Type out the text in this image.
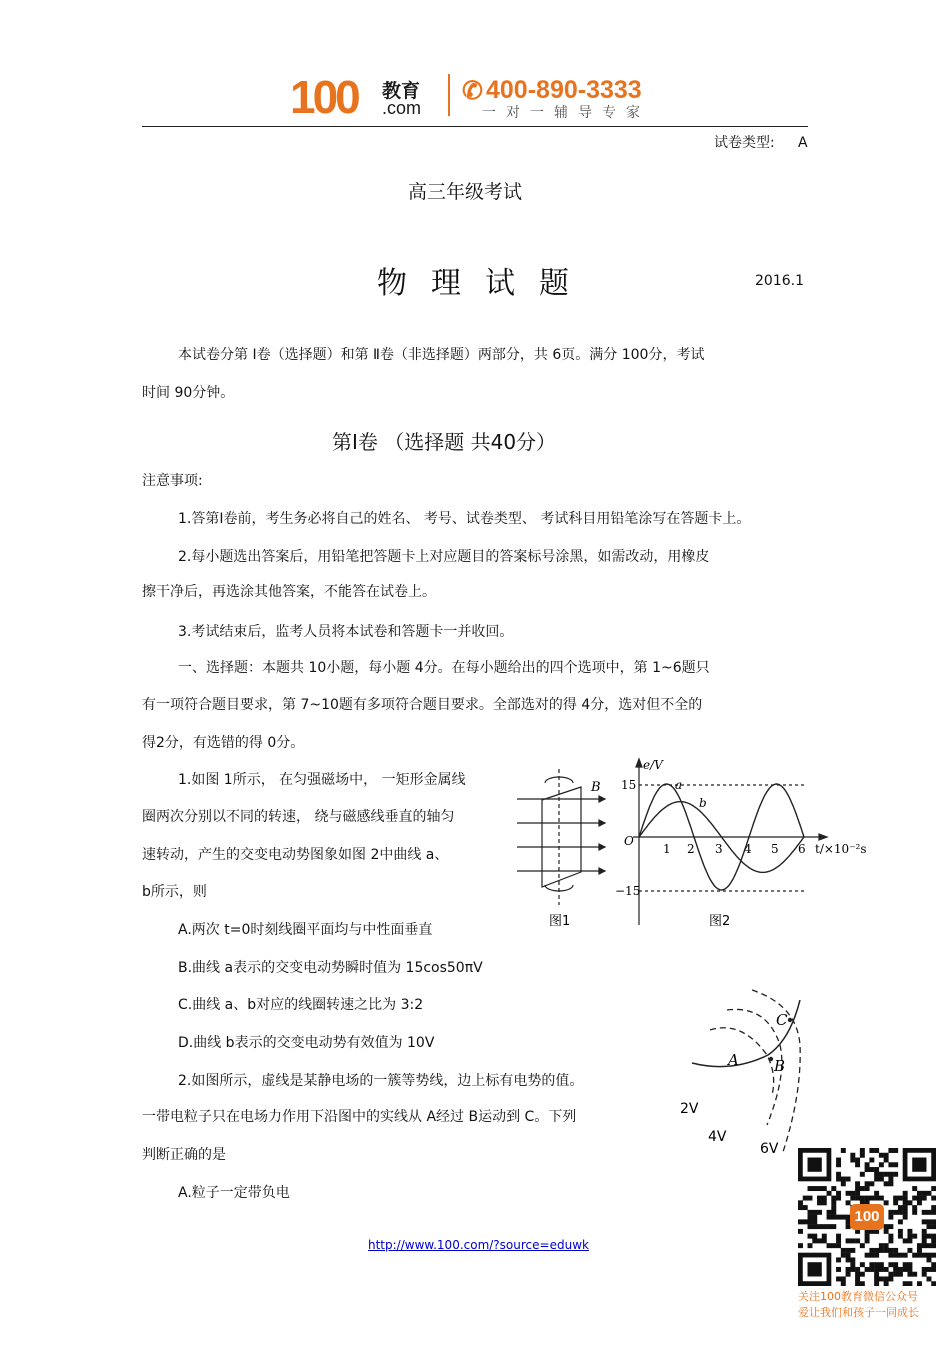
100 教育
.com
✆ 400-890-3333
一对一辅导专家
试卷类型: A
高三年级考试
物理试题	2016.1
本试卷分第 Ⅰ卷（选择题）和第 Ⅱ卷（非选择题）两部分，共 6页。满分 100分，考试
时间 90分钟。
第Ⅰ卷 （选择题 共40分）
注意事项:
1.答第Ⅰ卷前，考生务必将自己的姓名、 考号、试卷类型、 考试科目用铅笔涂写在答题卡上。
2.每小题选出答案后，用铅笔把答题卡上对应题目的答案标号涂黑，如需改动，用橡皮
擦干净后，再选涂其他答案，不能答在试卷上。
3.考试结束后，监考人员将本试卷和答题卡一并收回。
一、选择题：本题共 10小题，每小题 4分。在每小题给出的四个选项中，第 1~6题只
有一项符合题目要求，第 7~10题有多项符合题目要求。全部选对的得 4分，选对但不全的
得2分，有选错的得 0分。
1.如图 1所示， 在匀强磁场中， 一矩形金属线
圈两次分别以不同的转速， 绕与磁感线垂直的轴匀
速转动，产生的交变电动势图象如图 2中曲线 a、
b所示，则
A.两次 t=0时刻线圈平面均与中性面垂直
B.曲线 a表示的交变电动势瞬时值为 15cos50πV
C.曲线 a、b对应的线圈转速之比为 3:2
D.曲线 b表示的交变电动势有效值为 10V
B
图1
e/V
t/×10⁻²s
O
15
−15
1 2 3 4 5 6
a
b
图2
2.如图所示，虚线是某静电场的一簇等势线，边上标有电势的值。
一带电粒子只在电场力作用下沿图中的实线从 A经过 B运动到 C。下列
判断正确的是
A.粒子一定带负电
A B
C
2V
4V
6V
http://www.100.com/?source=eduwk
100
关注100教育微信公众号
爱让我们和孩子一同成长
